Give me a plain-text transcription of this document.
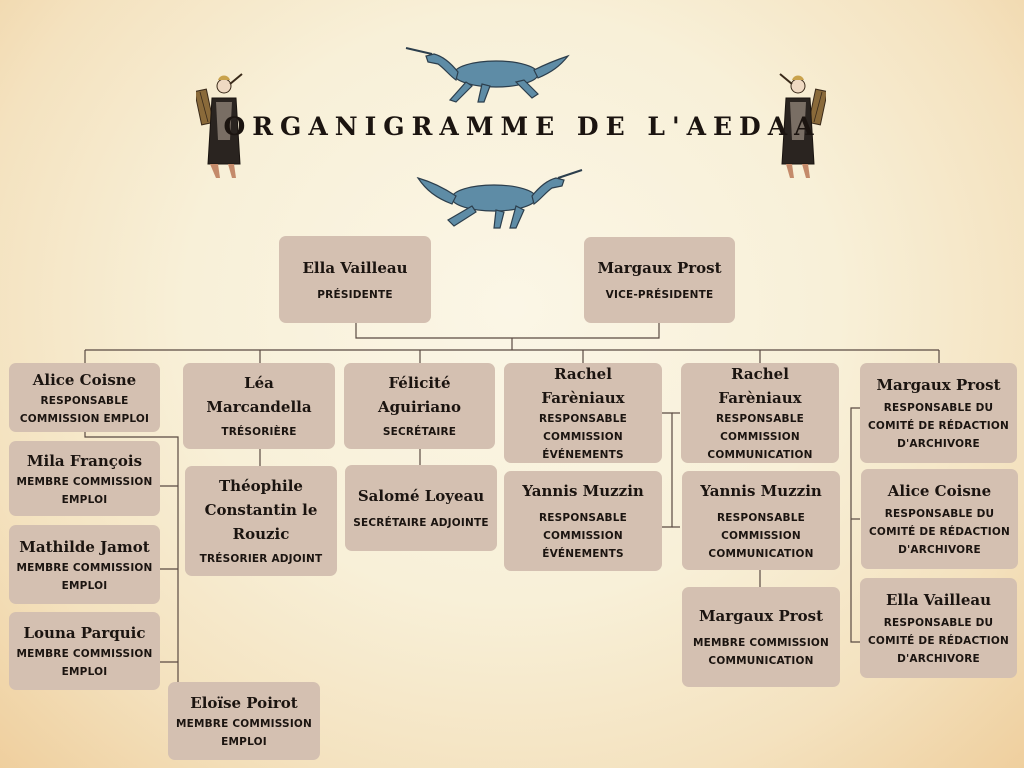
ORGANIGRAMME DE L'AEDAA
Ella Vailleau
PRÉSIDENTE
Margaux Prost
VICE-PRÉSIDENTE
Alice Coisne
RESPONSABLE COMMISSION EMPLOI
Mila François
MEMBRE COMMISSION EMPLOI
Mathilde Jamot
MEMBRE COMMISSION EMPLOI
Louna Parquic
MEMBRE COMMISSION EMPLOI
Eloïse Poirot
MEMBRE COMMISSION EMPLOI
Léa Marcandella
TRÉSORIÈRE
Théophile Constantin le Rouzic
TRÉSORIER ADJOINT
Félicité Aguiriano
SECRÉTAIRE
Salomé Loyeau
SECRÉTAIRE ADJOINTE
Rachel Farèniaux
RESPONSABLE COMMISSION ÉVÉNEMENTS
Yannis Muzzin
RESPONSABLE COMMISSION ÉVÉNEMENTS
Rachel Farèniaux
RESPONSABLE COMMISSION COMMUNICATION
Yannis Muzzin
RESPONSABLE COMMISSION COMMUNICATION
Margaux Prost
MEMBRE COMMISSION COMMUNICATION
Margaux Prost
RESPONSABLE DU COMITÉ DE RÉDACTION D'ARCHIVORE
Alice Coisne
RESPONSABLE DU COMITÉ DE RÉDACTION D'ARCHIVORE
Ella Vailleau
RESPONSABLE DU COMITÉ DE RÉDACTION D'ARCHIVORE
